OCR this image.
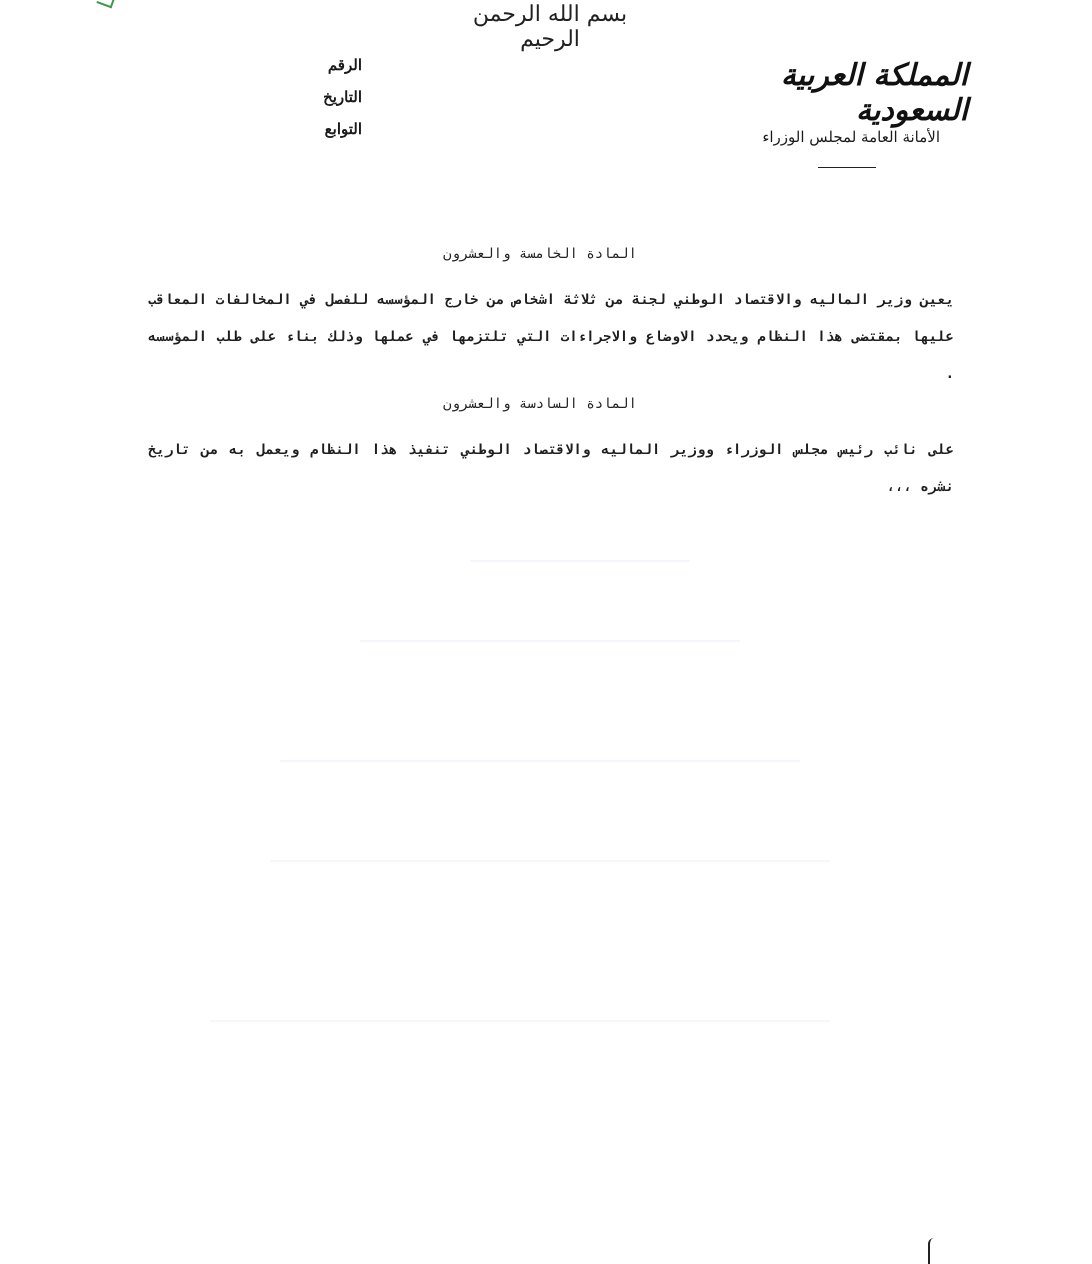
بسم الله الرحمن الرحيم
الرقم
التاريخ
التوابع
المملكة العربية السعودية
الأمانة العامة لمجلس الوزراء
المادة الخامسة والعشرون
يعين وزير الماليه والاقتصاد الوطني لجنة من ثلاثة اشخاص من خارج المؤسسه للفصل في المخالفات المعاقب عليها بمقتضى هذا النظام ويحدد الاوضاع والاجراءات التي تلتزمها في عملها وذلك بناء على طلب المؤسسه .
المادة السادسة والعشرون
على نائب رئيس مجلس الوزراء ووزير الماليه والاقتصاد الوطني تنفيذ هذا النظام ويعمل به من تاريخ نشره ،،،
